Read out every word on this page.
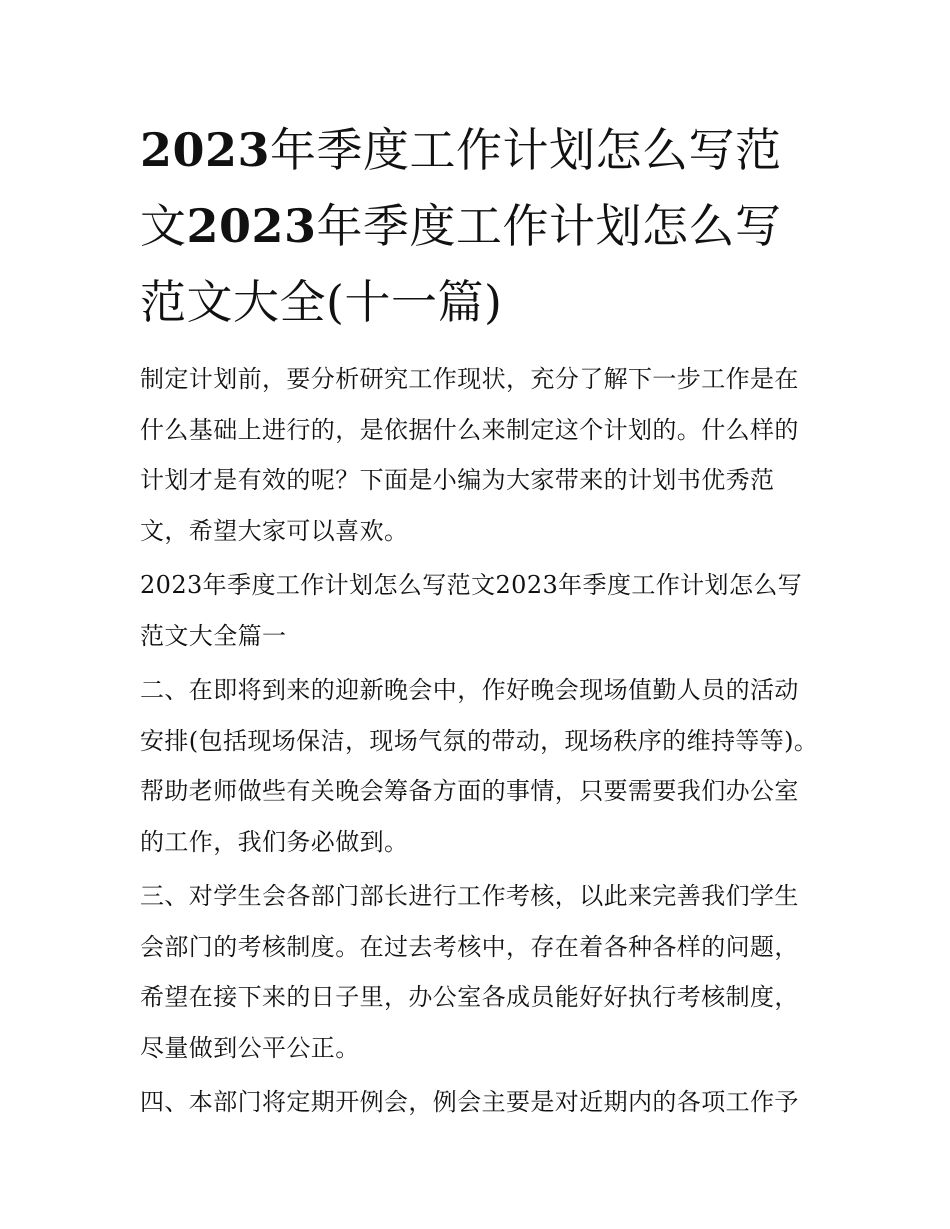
2023年季度工作计划怎么写范文2023年季度工作计划怎么写范文大全(十一篇)

制定计划前，要分析研究工作现状，充分了解下一步工作是在什么基础上进行的，是依据什么来制定这个计划的。什么样的计划才是有效的呢？下面是小编为大家带来的计划书优秀范文，希望大家可以喜欢。

2023年季度工作计划怎么写范文2023年季度工作计划怎么写范文大全篇一

二、在即将到来的迎新晚会中，作好晚会现场值勤人员的活动安排(包括现场保洁，现场气氛的带动，现场秩序的维持等等)。帮助老师做些有关晚会筹备方面的事情，只要需要我们办公室的工作，我们务必做到。

三、对学生会各部门部长进行工作考核，以此来完善我们学生会部门的考核制度。在过去考核中，存在着各种各样的问题，希望在接下来的日子里，办公室各成员能好好执行考核制度，尽量做到公平公正。

四、本部门将定期开例会，例会主要是对近期内的各项工作予
